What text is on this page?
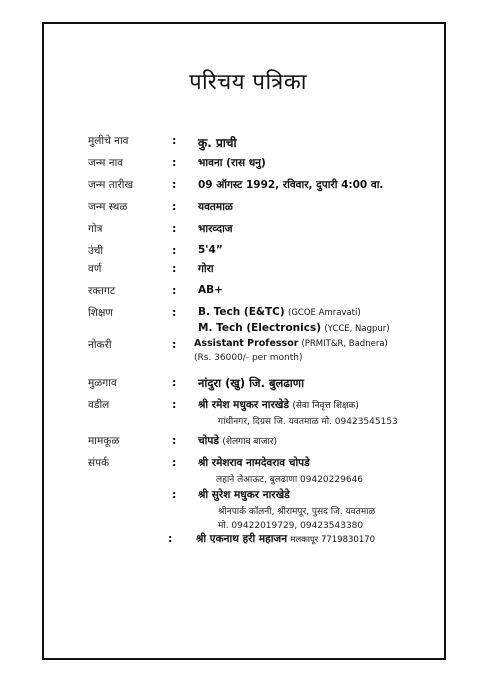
परिचय पत्रिका
मुलीचे नाव	: कु. प्राची
जन्म नाव	: भावना (रास धनु)
जन्म तारीख	: 09 ऑगस्ट 1992, रविवार, दुपारी 4:00 वा.
जन्म स्थळ	: यवतमाळ
गोत्र	: भारव्दाज
उंची	: 5'4”
वर्ण	: गोरा
रक्तगट	: AB+
शिक्षण	: B. Tech (E&TC) (GCOE Amravati)
M. Tech (Electronics) (YCCE, Nagpur)
नोकरी	: Assistant Professor (PRMIT&R, Badnera)
(Rs. 36000/- per month)
मुळगाव	: नांदुरा (खु) जि. बुलढाणा
वडील	: श्री रमेश मधुकर नारखेडे (सेवा निवृत्त शिक्षक)
गांधीनगर, दिग्रस जि. यवतमाळ मो. 09423545153
मामकूळ	: चोपडे (शेलगाव बाजार)
संपर्क	: श्री रमेशराव नामदेवराव चोपडे
लहाने लेआऊट, बुलढाणा 09420229646
: श्री सुरेश मधुकर नारखेडे
श्रीनपार्क कॉलनी, श्रीरामपूर, पुसद जि. यवतमाळ
मो. 09422019729, 09423543380
: श्री एकनाथ हरी महाजन मलकापूर 7719830170
